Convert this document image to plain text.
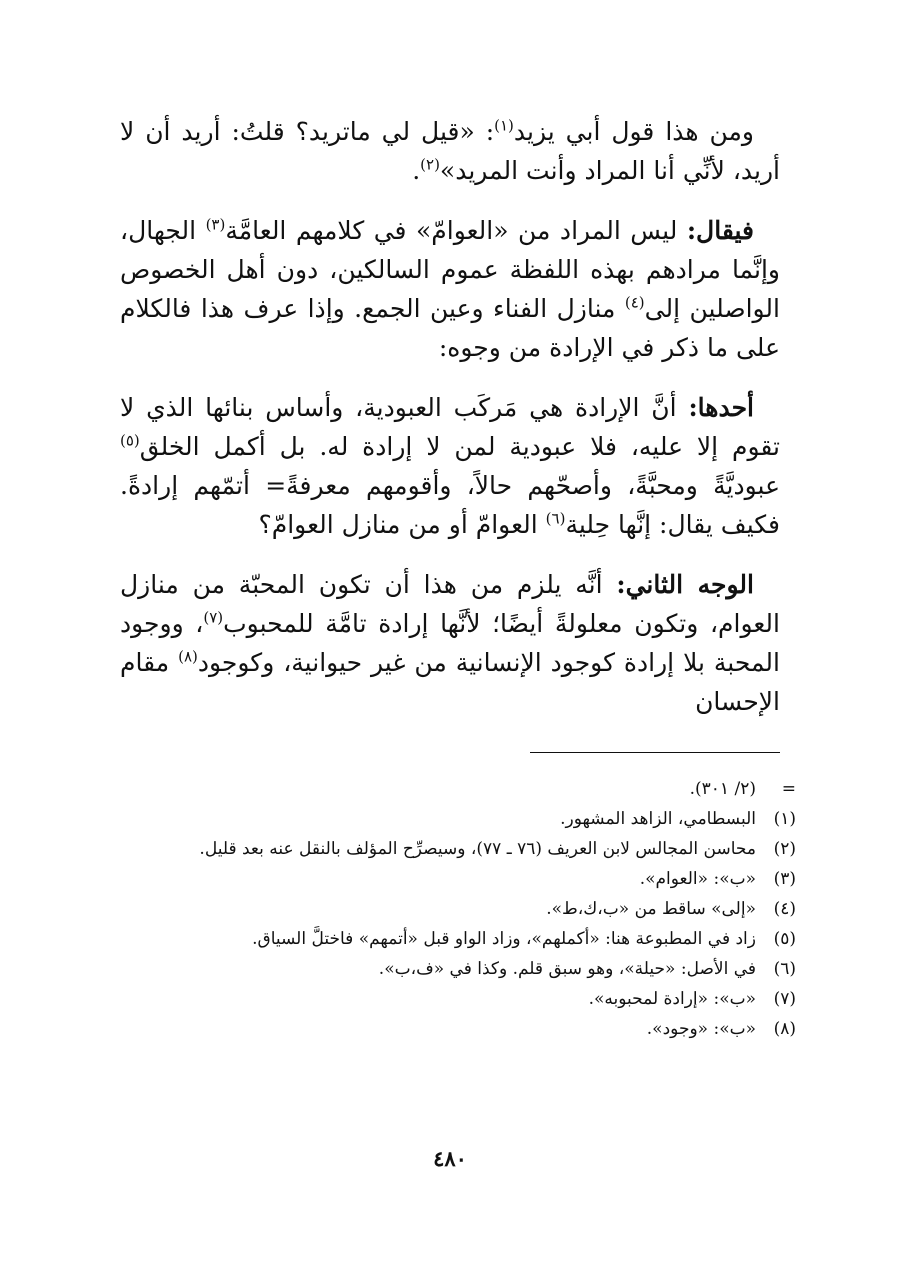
ومن هذا قول أبي يزيد$^{(١)}$: «قيل لي ماتريد؟ قلتُ: أريد أن لا أريد، لأنِّي أنا المراد وأنت المريد»$^{(٢)}$.

فيقال: ليس المراد من «العوامّ» في كلامهم العامَّة$^{(٣)}$ الجهال، وإنَّما مرادهم بهذه اللفظة عموم السالكين، دون أهل الخصوص الواصلين إلى$^{(٤)}$ منازل الفناء وعين الجمع. وإذا عرف هذا فالكلام على ما ذكر في الإرادة من وجوه:

أحدها: أنَّ الإرادة هي مَركَب العبودية، وأساس بنائها الذي لا تقوم إلا عليه، فلا عبودية لمن لا إرادة له. بل أكمل الخلق$^{(٥)}$ عبوديَّةً ومحبَّةً، وأصحّهم حالاً، وأقومهم معرفةً= أتمّهم إرادةً. فكيف يقال: إنَّها حِلية$^{(٦)}$ العوامّ أو من منازل العوامّ؟

الوجه الثاني: أنَّه يلزم من هذا أن تكون المحبّة من منازل العوام، وتكون معلولةً أيضًا؛ لأنَّها إرادة تامَّة للمحبوب$^{(٧)}$، ووجود المحبة بلا إرادة كوجود الإنسانية من غير حيوانية، وكوجود$^{(٨)}$ مقام الإحسان

=
(٢/ ٣٠١).
(١)
البسطامي، الزاهد المشهور.
(٢)
محاسن المجالس لابن العريف (٧٦ ـ ٧٧)، وسيصرِّح المؤلف بالنقل عنه بعد قليل.
(٣)
«ب»: «العوام».
(٤)
«إلى» ساقط من «ب،ك،ط».
(٥)
زاد في المطبوعة هنا: «أكملهم»، وزاد الواو قبل «أتمهم» فاختلَّ السياق.
(٦)
في الأصل: «حيلة»، وهو سبق قلم. وكذا في «ف،ب».
(٧)
«ب»: «إرادة لمحبوبه».
(٨)
«ب»: «وجود».
٤٨٠
